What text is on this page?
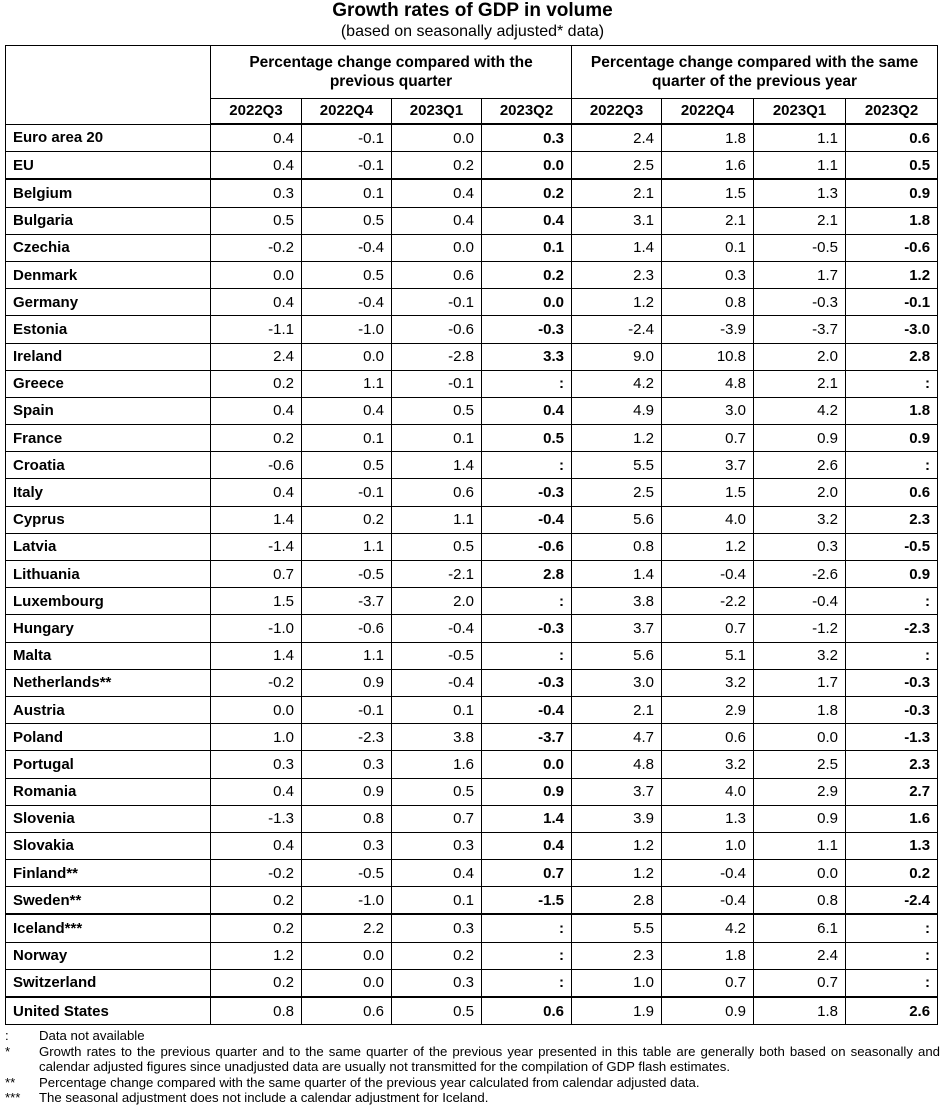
Growth rates of GDP in volume
(based on seasonally adjusted* data)
	Percentage change compared with the previous quarter				Percentage change compared with the same quarter of the previous year			
	2022Q3	2022Q4	2023Q1	2023Q2	2022Q3	2022Q4	2023Q1	2023Q2
Euro area 20	0.4	-0.1	0.0	0.3	2.4	1.8	1.1	0.6
EU	0.4	-0.1	0.2	0.0	2.5	1.6	1.1	0.5
Belgium	0.3	0.1	0.4	0.2	2.1	1.5	1.3	0.9
Bulgaria	0.5	0.5	0.4	0.4	3.1	2.1	2.1	1.8
Czechia	-0.2	-0.4	0.0	0.1	1.4	0.1	-0.5	-0.6
Denmark	0.0	0.5	0.6	0.2	2.3	0.3	1.7	1.2
Germany	0.4	-0.4	-0.1	0.0	1.2	0.8	-0.3	-0.1
Estonia	-1.1	-1.0	-0.6	-0.3	-2.4	-3.9	-3.7	-3.0
Ireland	2.4	0.0	-2.8	3.3	9.0	10.8	2.0	2.8
Greece	0.2	1.1	-0.1	:	4.2	4.8	2.1	:
Spain	0.4	0.4	0.5	0.4	4.9	3.0	4.2	1.8
France	0.2	0.1	0.1	0.5	1.2	0.7	0.9	0.9
Croatia	-0.6	0.5	1.4	:	5.5	3.7	2.6	:
Italy	0.4	-0.1	0.6	-0.3	2.5	1.5	2.0	0.6
Cyprus	1.4	0.2	1.1	-0.4	5.6	4.0	3.2	2.3
Latvia	-1.4	1.1	0.5	-0.6	0.8	1.2	0.3	-0.5
Lithuania	0.7	-0.5	-2.1	2.8	1.4	-0.4	-2.6	0.9
Luxembourg	1.5	-3.7	2.0	:	3.8	-2.2	-0.4	:
Hungary	-1.0	-0.6	-0.4	-0.3	3.7	0.7	-1.2	-2.3
Malta	1.4	1.1	-0.5	:	5.6	5.1	3.2	:
Netherlands**	-0.2	0.9	-0.4	-0.3	3.0	3.2	1.7	-0.3
Austria	0.0	-0.1	0.1	-0.4	2.1	2.9	1.8	-0.3
Poland	1.0	-2.3	3.8	-3.7	4.7	0.6	0.0	-1.3
Portugal	0.3	0.3	1.6	0.0	4.8	3.2	2.5	2.3
Romania	0.4	0.9	0.5	0.9	3.7	4.0	2.9	2.7
Slovenia	-1.3	0.8	0.7	1.4	3.9	1.3	0.9	1.6
Slovakia	0.4	0.3	0.3	0.4	1.2	1.0	1.1	1.3
Finland**	-0.2	-0.5	0.4	0.7	1.2	-0.4	0.0	0.2
Sweden**	0.2	-1.0	0.1	-1.5	2.8	-0.4	0.8	-2.4
Iceland***	0.2	2.2	0.3	:	5.5	4.2	6.1	:
Norway	1.2	0.0	0.2	:	2.3	1.8	2.4	:
Switzerland	0.2	0.0	0.3	:	1.0	0.7	0.7	:
United States	0.8	0.6	0.5	0.6	1.9	0.9	1.8	2.6
:	Data not available
*	Growth rates to the previous quarter and to the same quarter of the previous year presented in this table are generally both based on seasonally and calendar adjusted figures since unadjusted data are usually not transmitted for the compilation of GDP flash estimates.
**	Percentage change compared with the same quarter of the previous year calculated from calendar adjusted data.
***	The seasonal adjustment does not include a calendar adjustment for Iceland.
